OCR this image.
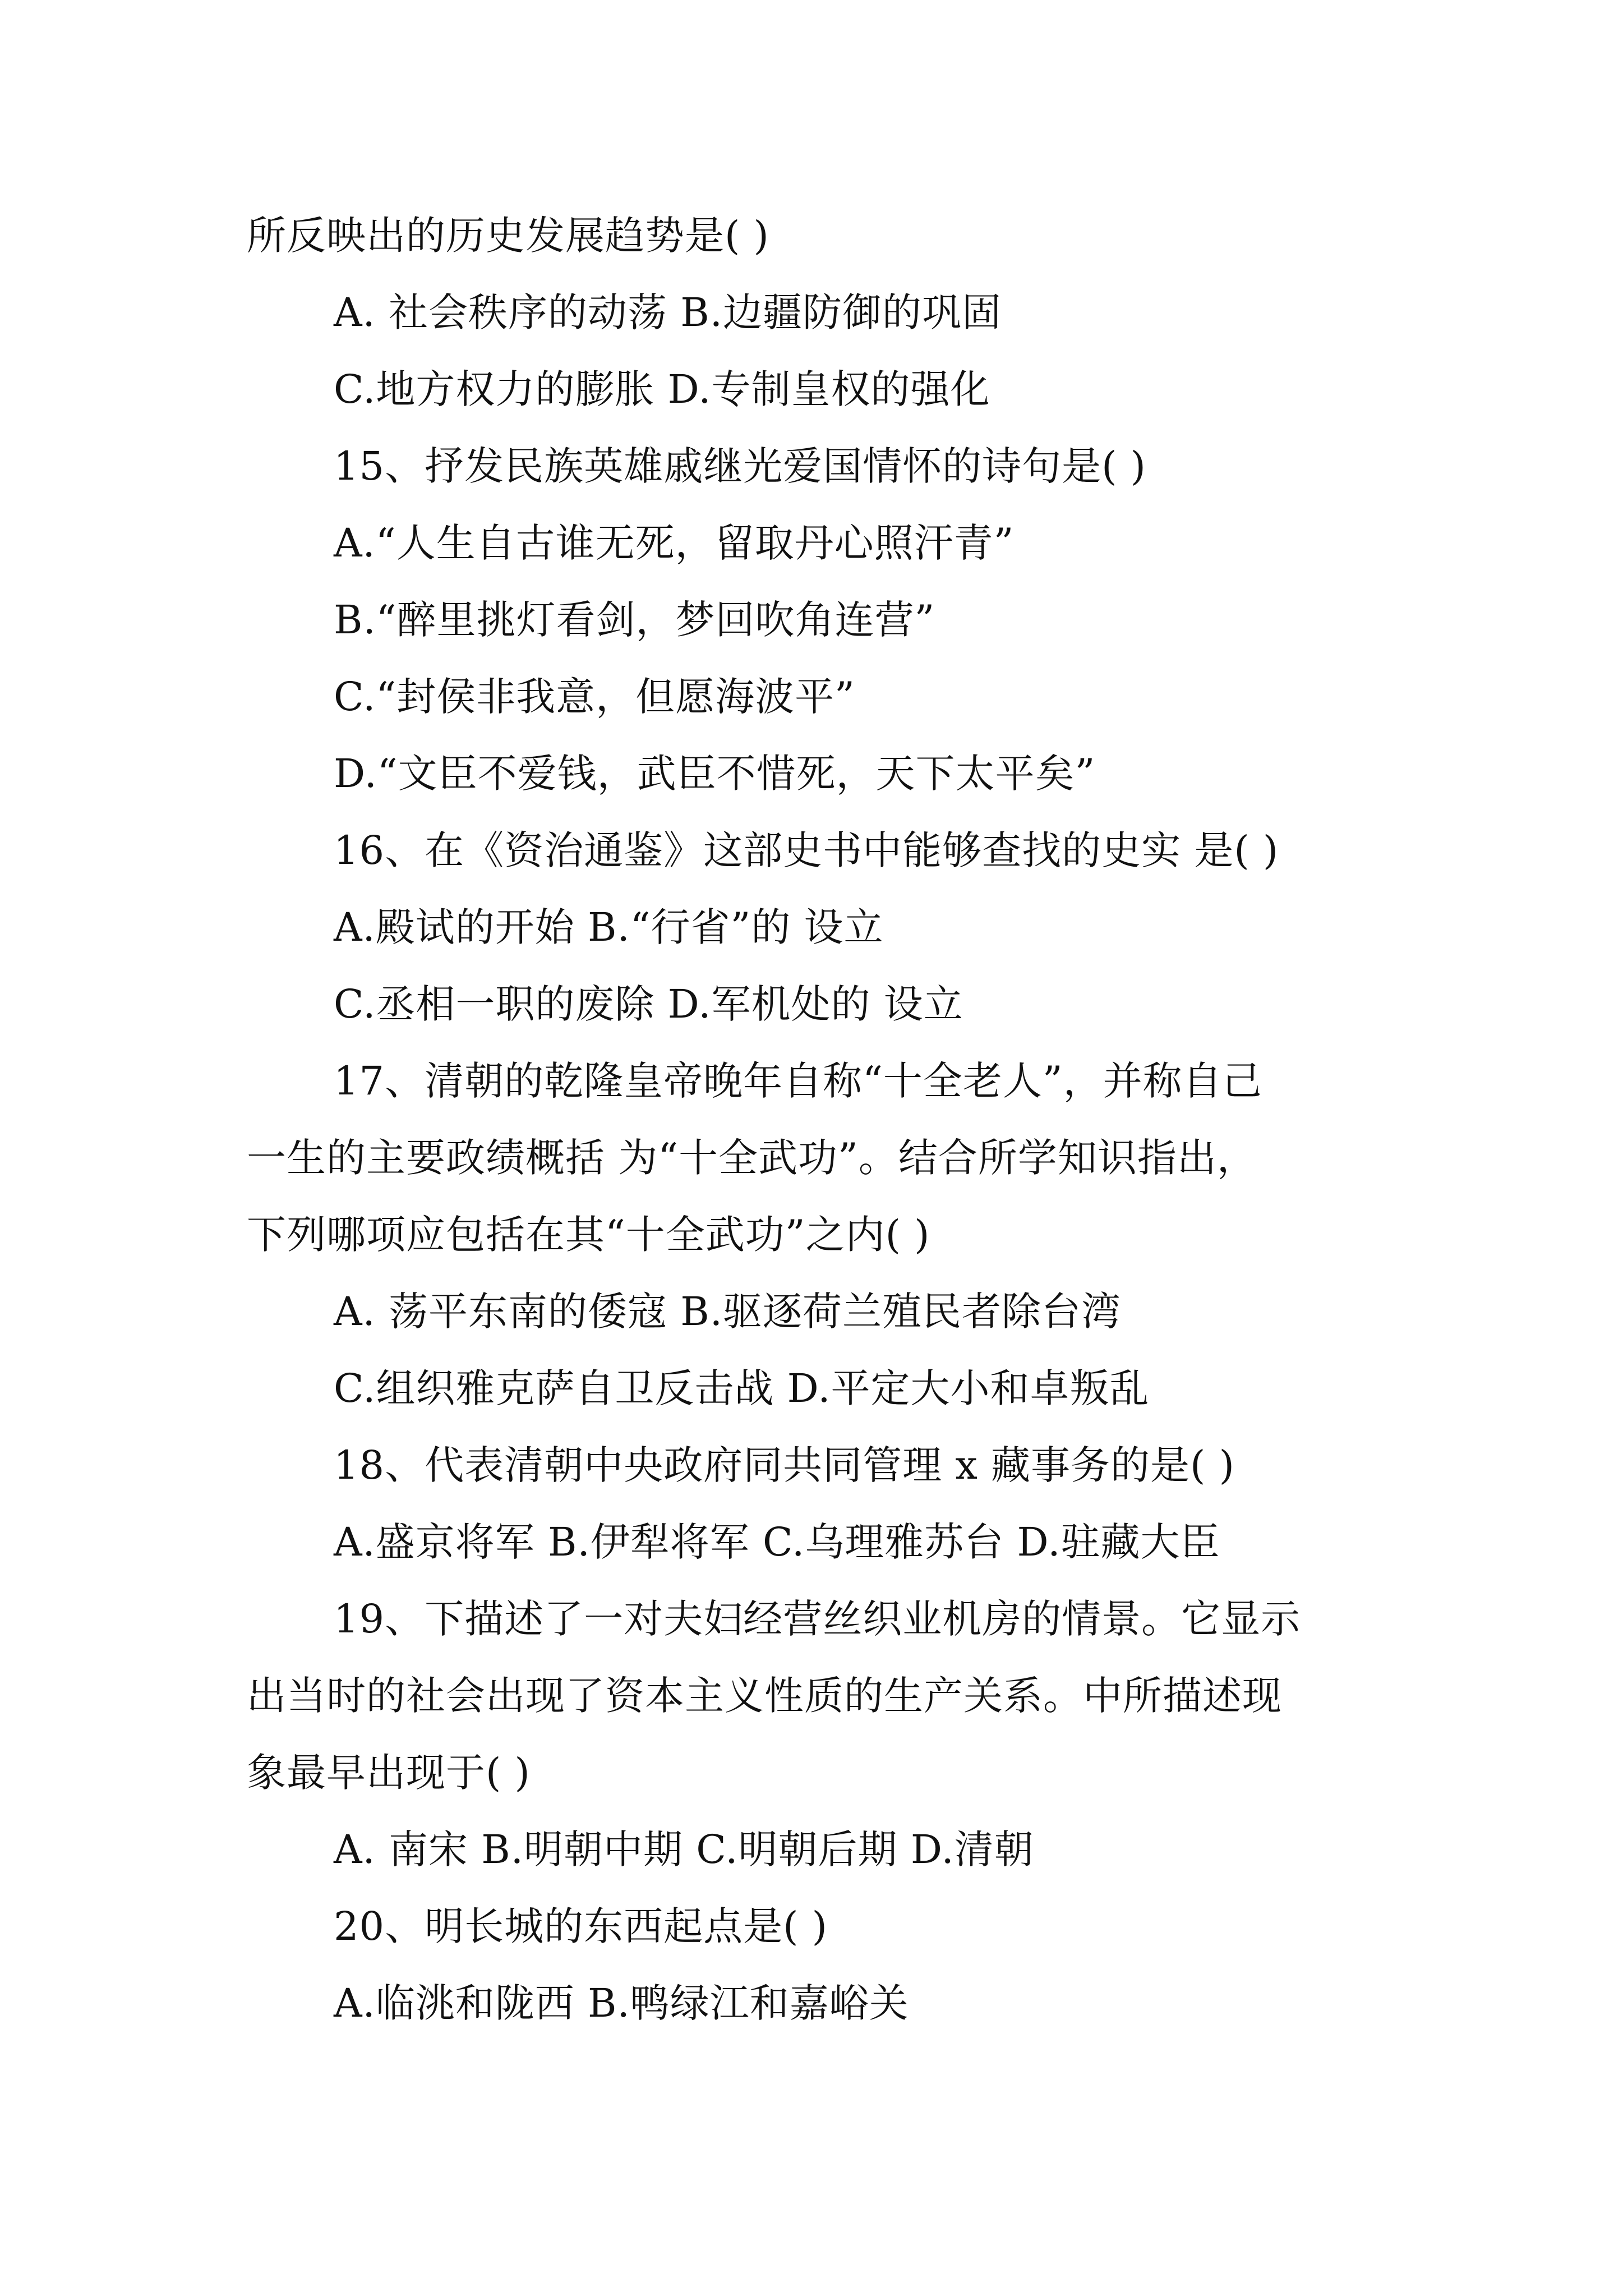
所反映出的历史发展趋势是( )
A. 社会秩序的动荡 B.边疆防御的巩固
C.地方权力的膨胀 D.专制皇权的强化
15、抒发民族英雄戚继光爱国情怀的诗句是( )
A.“人生自古谁无死，留取丹心照汗青”
B.“醉里挑灯看剑，梦回吹角连营”
C.“封侯非我意，但愿海波平”
D.“文臣不爱钱，武臣不惜死，天下太平矣”
16、在《资治通鉴》这部史书中能够查找的史实 是( )
A.殿试的开始 B.“行省”的 设立
C.丞相一职的废除 D.军机处的 设立
17、清朝的乾隆皇帝晚年自称“十全老人”，并称自己
一生的主要政绩概括 为“十全武功”。结合所学知识指出，
下列哪项应包括在其“十全武功”之内( )
A. 荡平东南的倭寇 B.驱逐荷兰殖民者除台湾
C.组织雅克萨自卫反击战 D.平定大小和卓叛乱
18、代表清朝中央政府同共同管理 x 藏事务的是( )
A.盛京将军 B.伊犁将军 C.乌理雅苏台 D.驻藏大臣
19、下描述了一对夫妇经营丝织业机房的情景。它显示
出当时的社会出现了资本主义性质的生产关系。中所描述现
象最早出现于( )
A. 南宋 B.明朝中期 C.明朝后期 D.清朝
20、明长城的东西起点是( )
A.临洮和陇西 B.鸭绿江和嘉峪关
